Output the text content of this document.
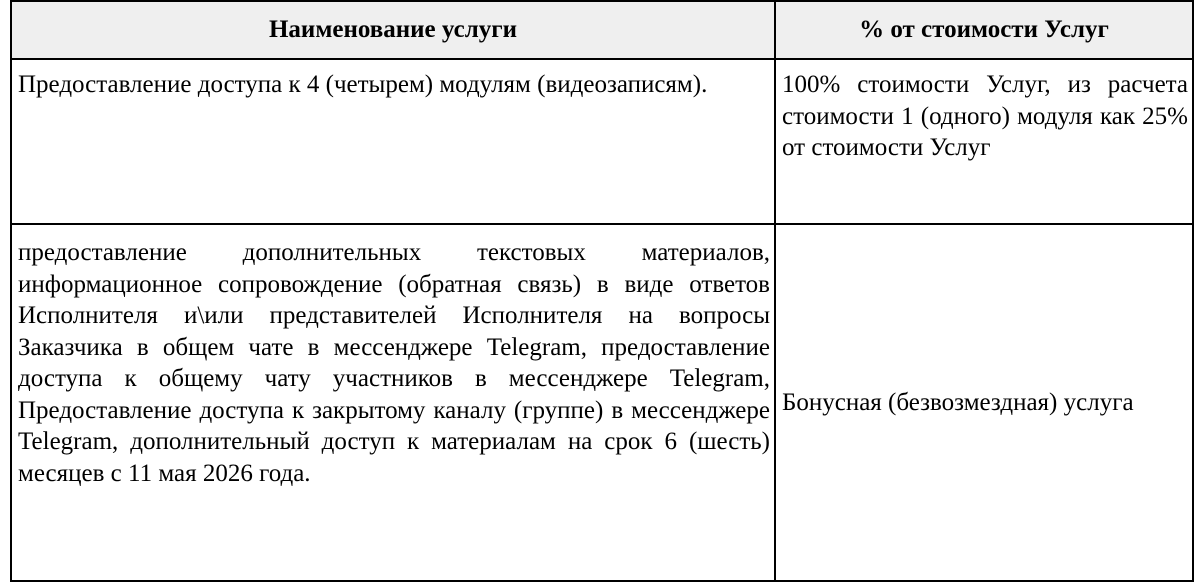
Наименование услуги	% от стоимости Услуг

Предоставление доступа к 4 (четырем) модулям (видеозаписям).	100% стоимости Услуг, из расчета стоимости 1 (одного) модуля как 25% от стоимости Услуг

предоставление дополнительных текстовых материалов, информационное сопровождение (обратная связь) в виде ответов Исполнителя и\или представителей Исполнителя на вопросы Заказчика в общем чате в мессенджере Telegram, предоставление доступа к общему чату участников в мессенджере Telegram, Предоставление доступа к закрытому каналу (группе) в мессенджере Telegram, дополнительный доступ к материалам на срок 6 (шесть) месяцев с 11 мая 2026 года.	Бонусная (безвозмездная) услуга
